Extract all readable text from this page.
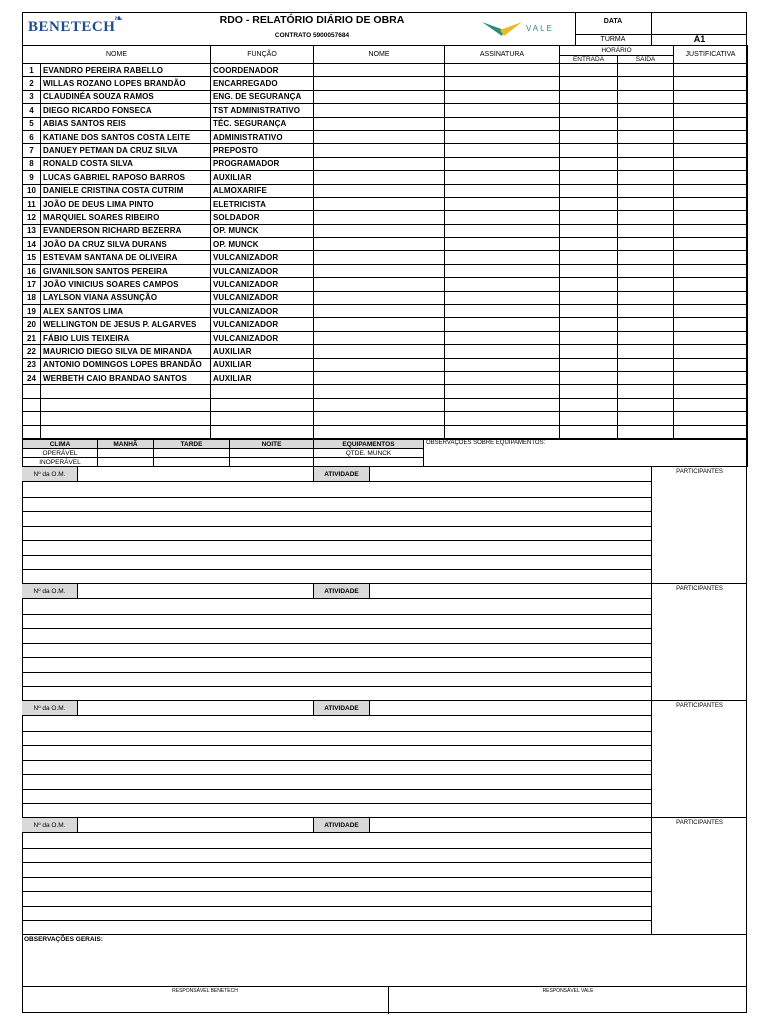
BENETECH
❧	RDO - RELATÓRIO DIÁRIO DE OBRA
CONTRATO 5900057684
VALE
DATA
TURMA	A1
NOME	FUNÇÃO	NOME	ASSINATURA	HORÁRIO		JUSTIFICATIVA
				ENTRADA	SAÍDA	
1	EVANDRO PEREIRA RABELLO	COORDENADOR					
2	WILLAS ROZANO LOPES BRANDÃO	ENCARREGADO					
3	CLAUDINÉA SOUZA RAMOS	ENG. DE SEGURANÇA					
4	DIEGO RICARDO FONSECA	TST ADMINISTRATIVO					
5	ABIAS SANTOS REIS	TÉC. SEGURANÇA					
6	KATIANE DOS SANTOS COSTA LEITE	ADMINISTRATIVO					
7	DANUEY PETMAN DA CRUZ SILVA	PREPOSTO					
8	RONALD COSTA SILVA	PROGRAMADOR					
9	LUCAS GABRIEL RAPOSO BARROS	AUXILIAR					
10	DANIELE CRISTINA COSTA CUTRIM	ALMOXARIFE					
11	JOÃO DE DEUS LIMA PINTO	ELETRICISTA					
12	MARQUIEL SOARES RIBEIRO	SOLDADOR					
13	EVANDERSON RICHARD BEZERRA	OP. MUNCK					
14	JOÃO DA CRUZ SILVA DURANS	OP. MUNCK					
15	ESTEVAM SANTANA DE OLIVEIRA	VULCANIZADOR					
16	GIVANILSON SANTOS PEREIRA	VULCANIZADOR					
17	JOÃO VINICIUS SOARES CAMPOS	VULCANIZADOR					
18	LAYLSON VIANA ASSUNÇÃO	VULCANIZADOR					
19	ALEX SANTOS LIMA	VULCANIZADOR					
20	WELLINGTON DE JESUS P. ALGARVES	VULCANIZADOR					
21	FÁBIO LUIS TEIXEIRA	VULCANIZADOR					
22	MAURICIO DIEGO SILVA DE MIRANDA	AUXILIAR					
23	ANTONIO DOMINGOS LOPES BRANDÃO	AUXILIAR					
24	WERBETH CAIO BRANDAO SANTOS	AUXILIAR					

CLIMA	MANHÃ	TARDE	NOITE	EQUIPAMENTOS	OBSERVAÇÕES SOBRE EQUIPAMENTOS:
OPERÁVEL				QTDE. MUNCK	
INOPERÁVEL					
Nº da O.M.	ATIVIDADE	PARTICIPANTES
Nº da O.M.	ATIVIDADE	PARTICIPANTES
Nº da O.M.	ATIVIDADE	PARTICIPANTES
Nº da O.M.	ATIVIDADE	PARTICIPANTES
OBSERVAÇÕES GERAIS:
RESPONSÁVEL BENETECH	RESPONSÁVEL VALE
